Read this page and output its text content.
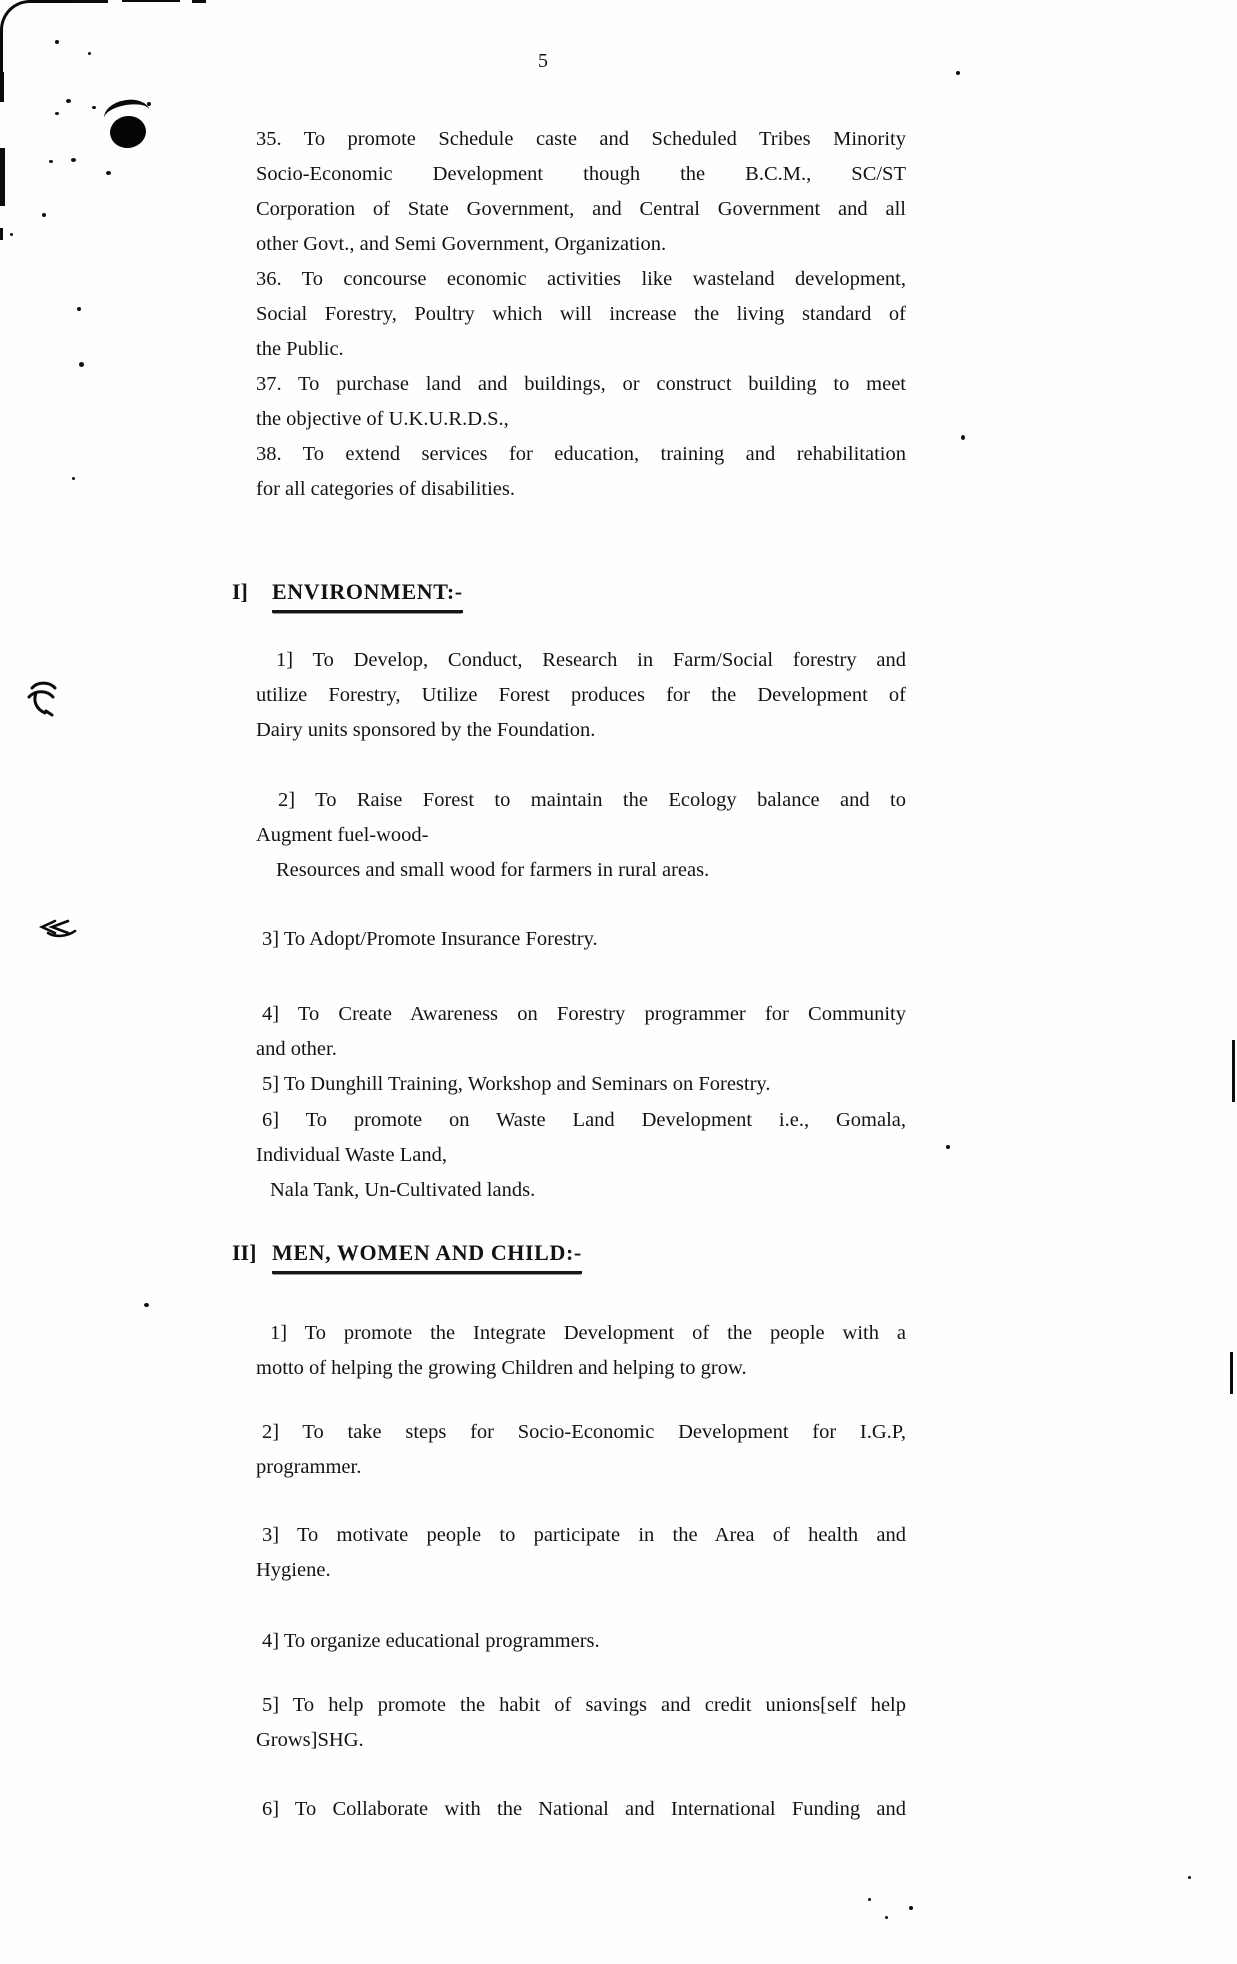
5
35. To promote Schedule caste and Scheduled Tribes Minority
Socio-Economic Development though the B.C.M., SC/ST
Corporation of State Government, and Central Government and all
other Govt., and Semi Government, Organization.
36. To concourse economic activities like wasteland development,
Social Forestry, Poultry which will increase the living standard of
the Public.
37. To purchase land and buildings, or construct building to meet
the objective of U.K.U.R.D.S.,
38. To extend services for education, training and rehabilitation
for all categories of disabilities.
I] ENVIRONMENT:-
1] To Develop, Conduct, Research in Farm/Social forestry and
utilize Forestry, Utilize Forest produces for the Development of
Dairy units sponsored by the Foundation.
2] To Raise Forest to maintain the Ecology balance and to
Augment fuel-wood-
Resources and small wood for farmers in rural areas.
3] To Adopt/Promote Insurance Forestry.
4] To Create Awareness on Forestry programmer for Community
and other.
5] To Dunghill Training, Workshop and Seminars on Forestry.
6] To promote on Waste Land Development i.e., Gomala,
Individual Waste Land,
Nala Tank, Un-Cultivated lands.
II] MEN, WOMEN AND CHILD:-
1] To promote the Integrate Development of the people with a
motto of helping the growing Children and helping to grow.
2] To take steps for Socio-Economic Development for I.G.P,
programmer.
3] To motivate people to participate in the Area of health and
Hygiene.
4] To organize educational programmers.
5] To help promote the habit of savings and credit unions[self help
Grows]SHG.
6] To Collaborate with the National and International Funding and
